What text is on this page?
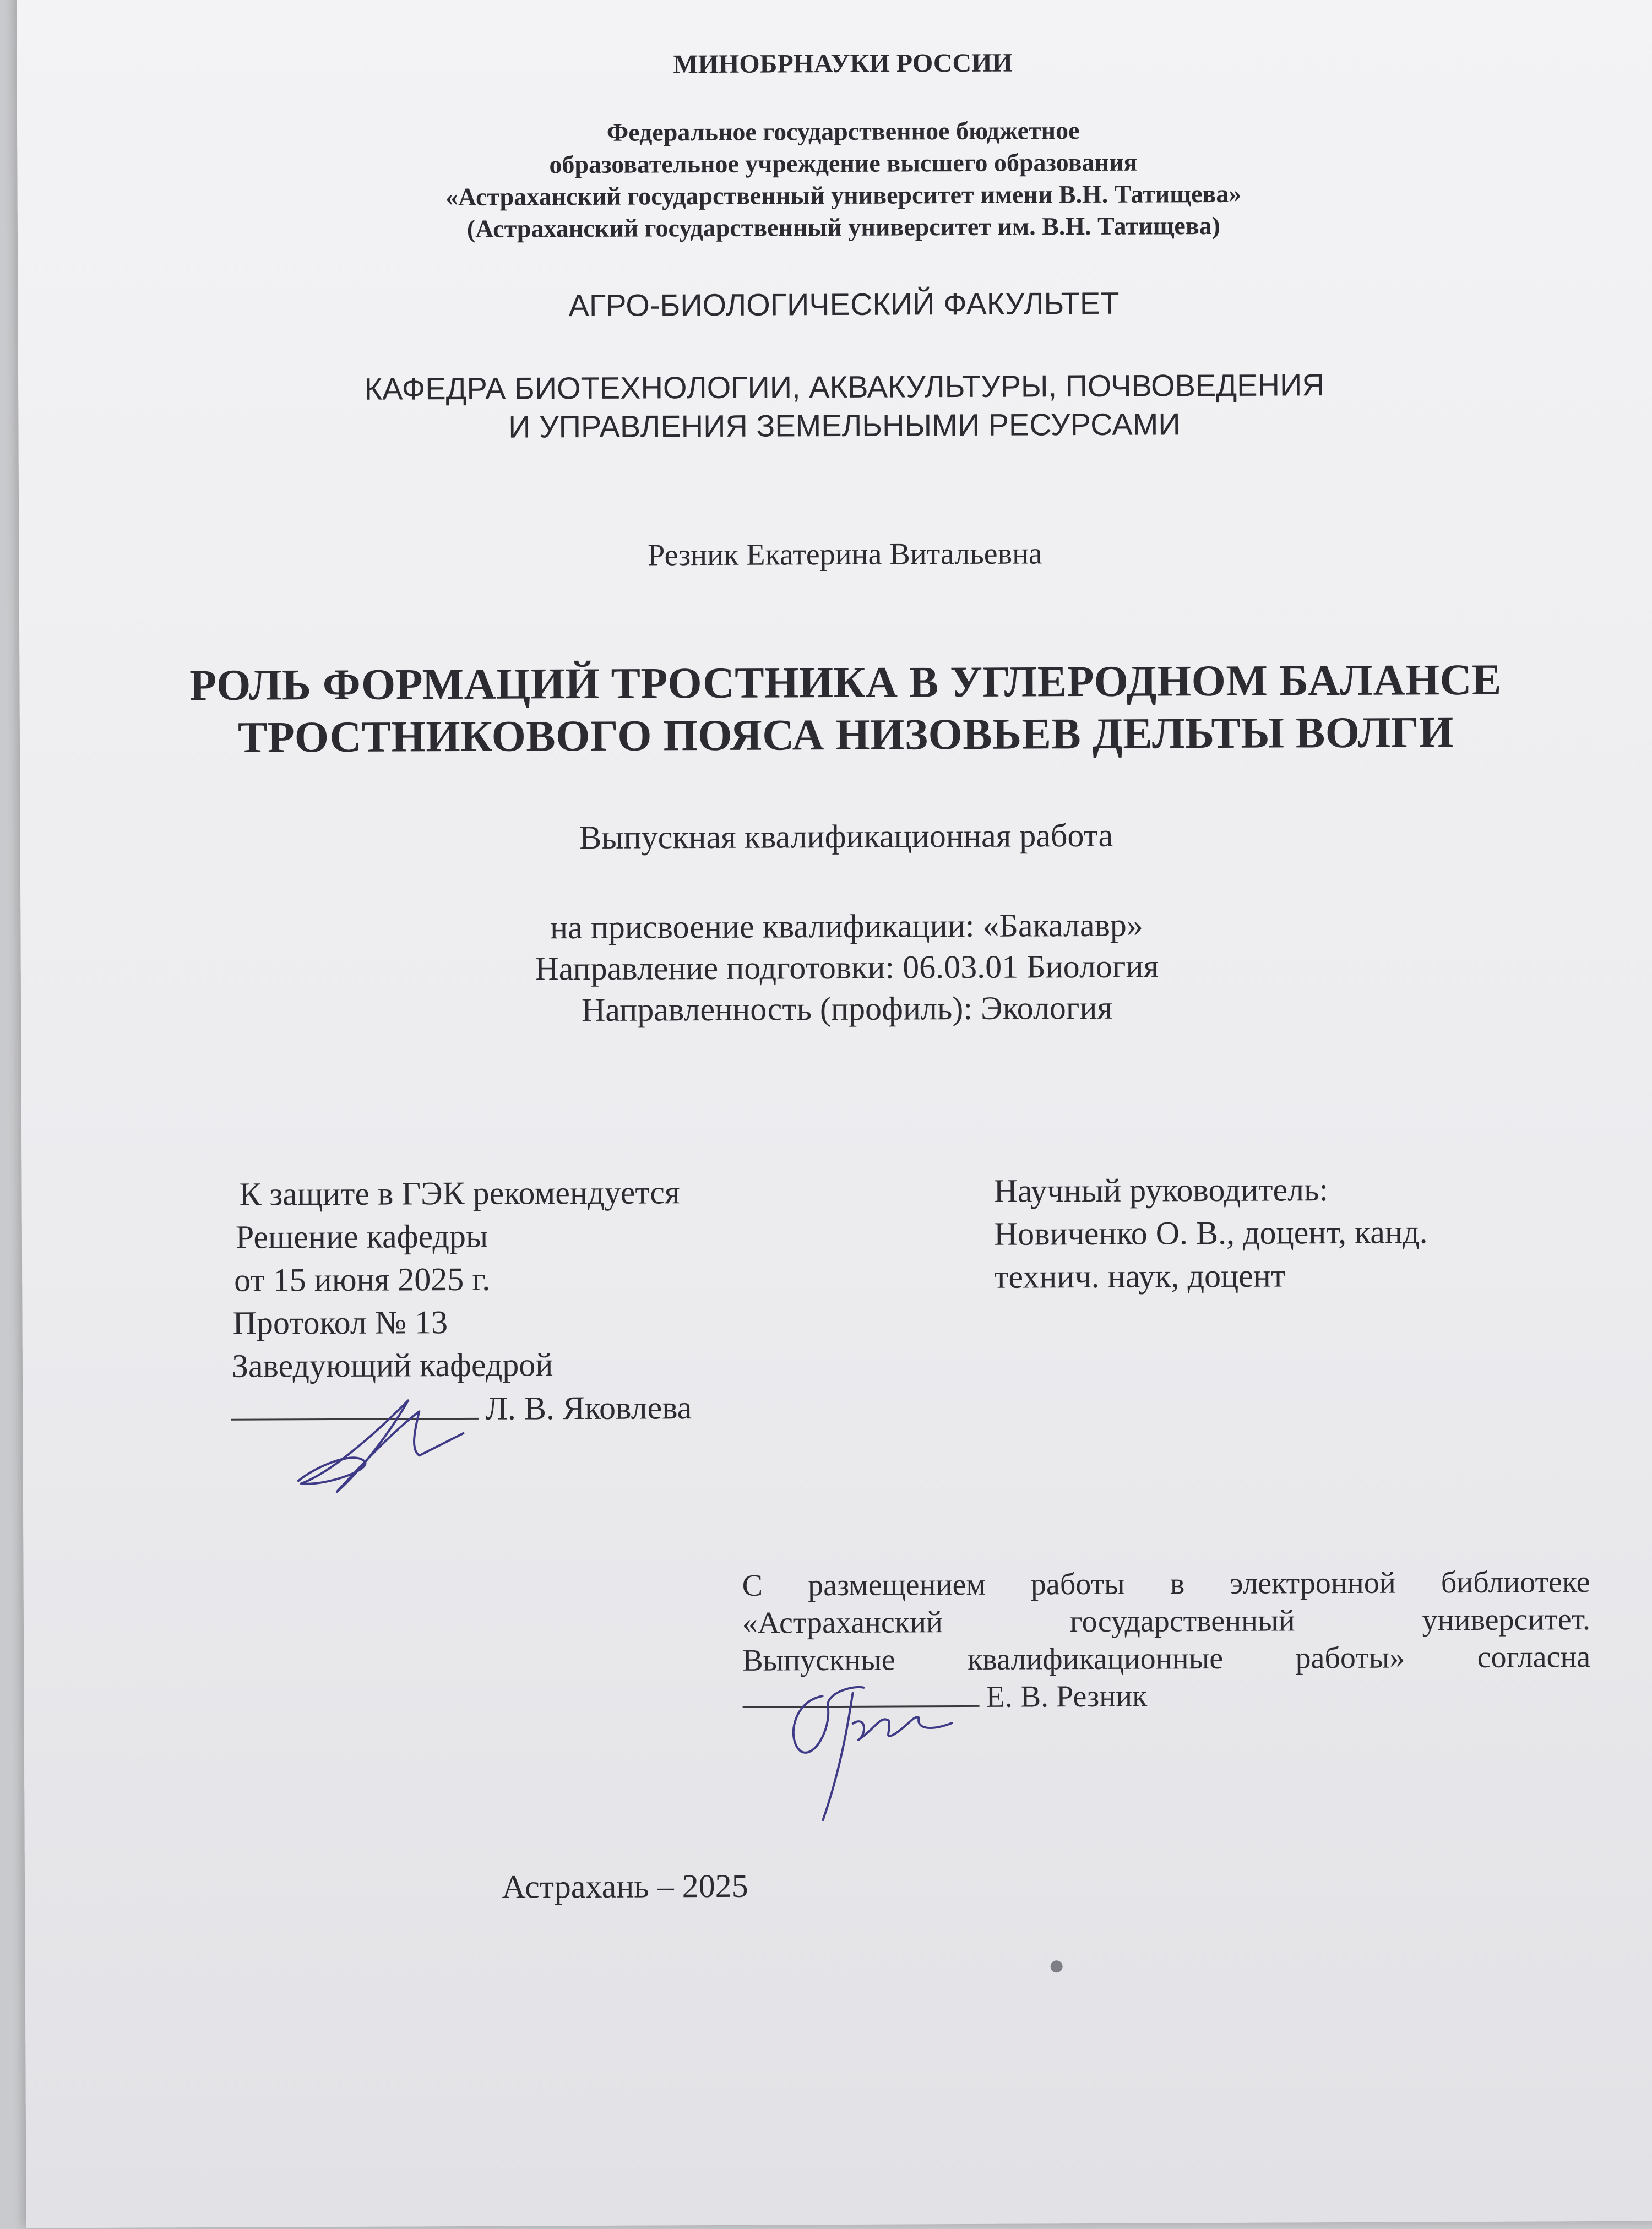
МИНОБРНАУКИ РОССИИ
Федеральное государственное бюджетное
образовательное учреждение высшего образования
«Астраханский государственный университет имени В.Н. Татищева»
(Астраханский государственный университет им. В.Н. Татищева)
АГРО-БИОЛОГИЧЕСКИЙ ФАКУЛЬТЕТ
КАФЕДРА БИОТЕХНОЛОГИИ, АКВАКУЛЬТУРЫ, ПОЧВОВЕДЕНИЯ
И УПРАВЛЕНИЯ ЗЕМЕЛЬНЫМИ РЕСУРСАМИ
Резник Екатерина Витальевна
РОЛЬ ФОРМАЦИЙ ТРОСТНИКА В УГЛЕРОДНОМ БАЛАНСЕ
ТРОСТНИКОВОГО ПОЯСА НИЗОВЬЕВ ДЕЛЬТЫ ВОЛГИ
Выпускная квалификационная работа
на присвоение квалификации: «Бакалавр»
Направление подготовки: 06.03.01 Биология
Направленность (профиль): Экология
К защите в ГЭК рекомендуется
Решение кафедры
от 15 июня 2025 г.
Протокол № 13
Заведующий кафедрой
Л. В. Яковлева
Научный руководитель:
Новиченко О. В., доцент, канд.
технич. наук, доцент
С размещением работы в электронной библиотеке
«Астраханский	государственный	университет.
Выпускные квалификационные работы» согласна
Е. В. Резник
Астрахань – 2025
